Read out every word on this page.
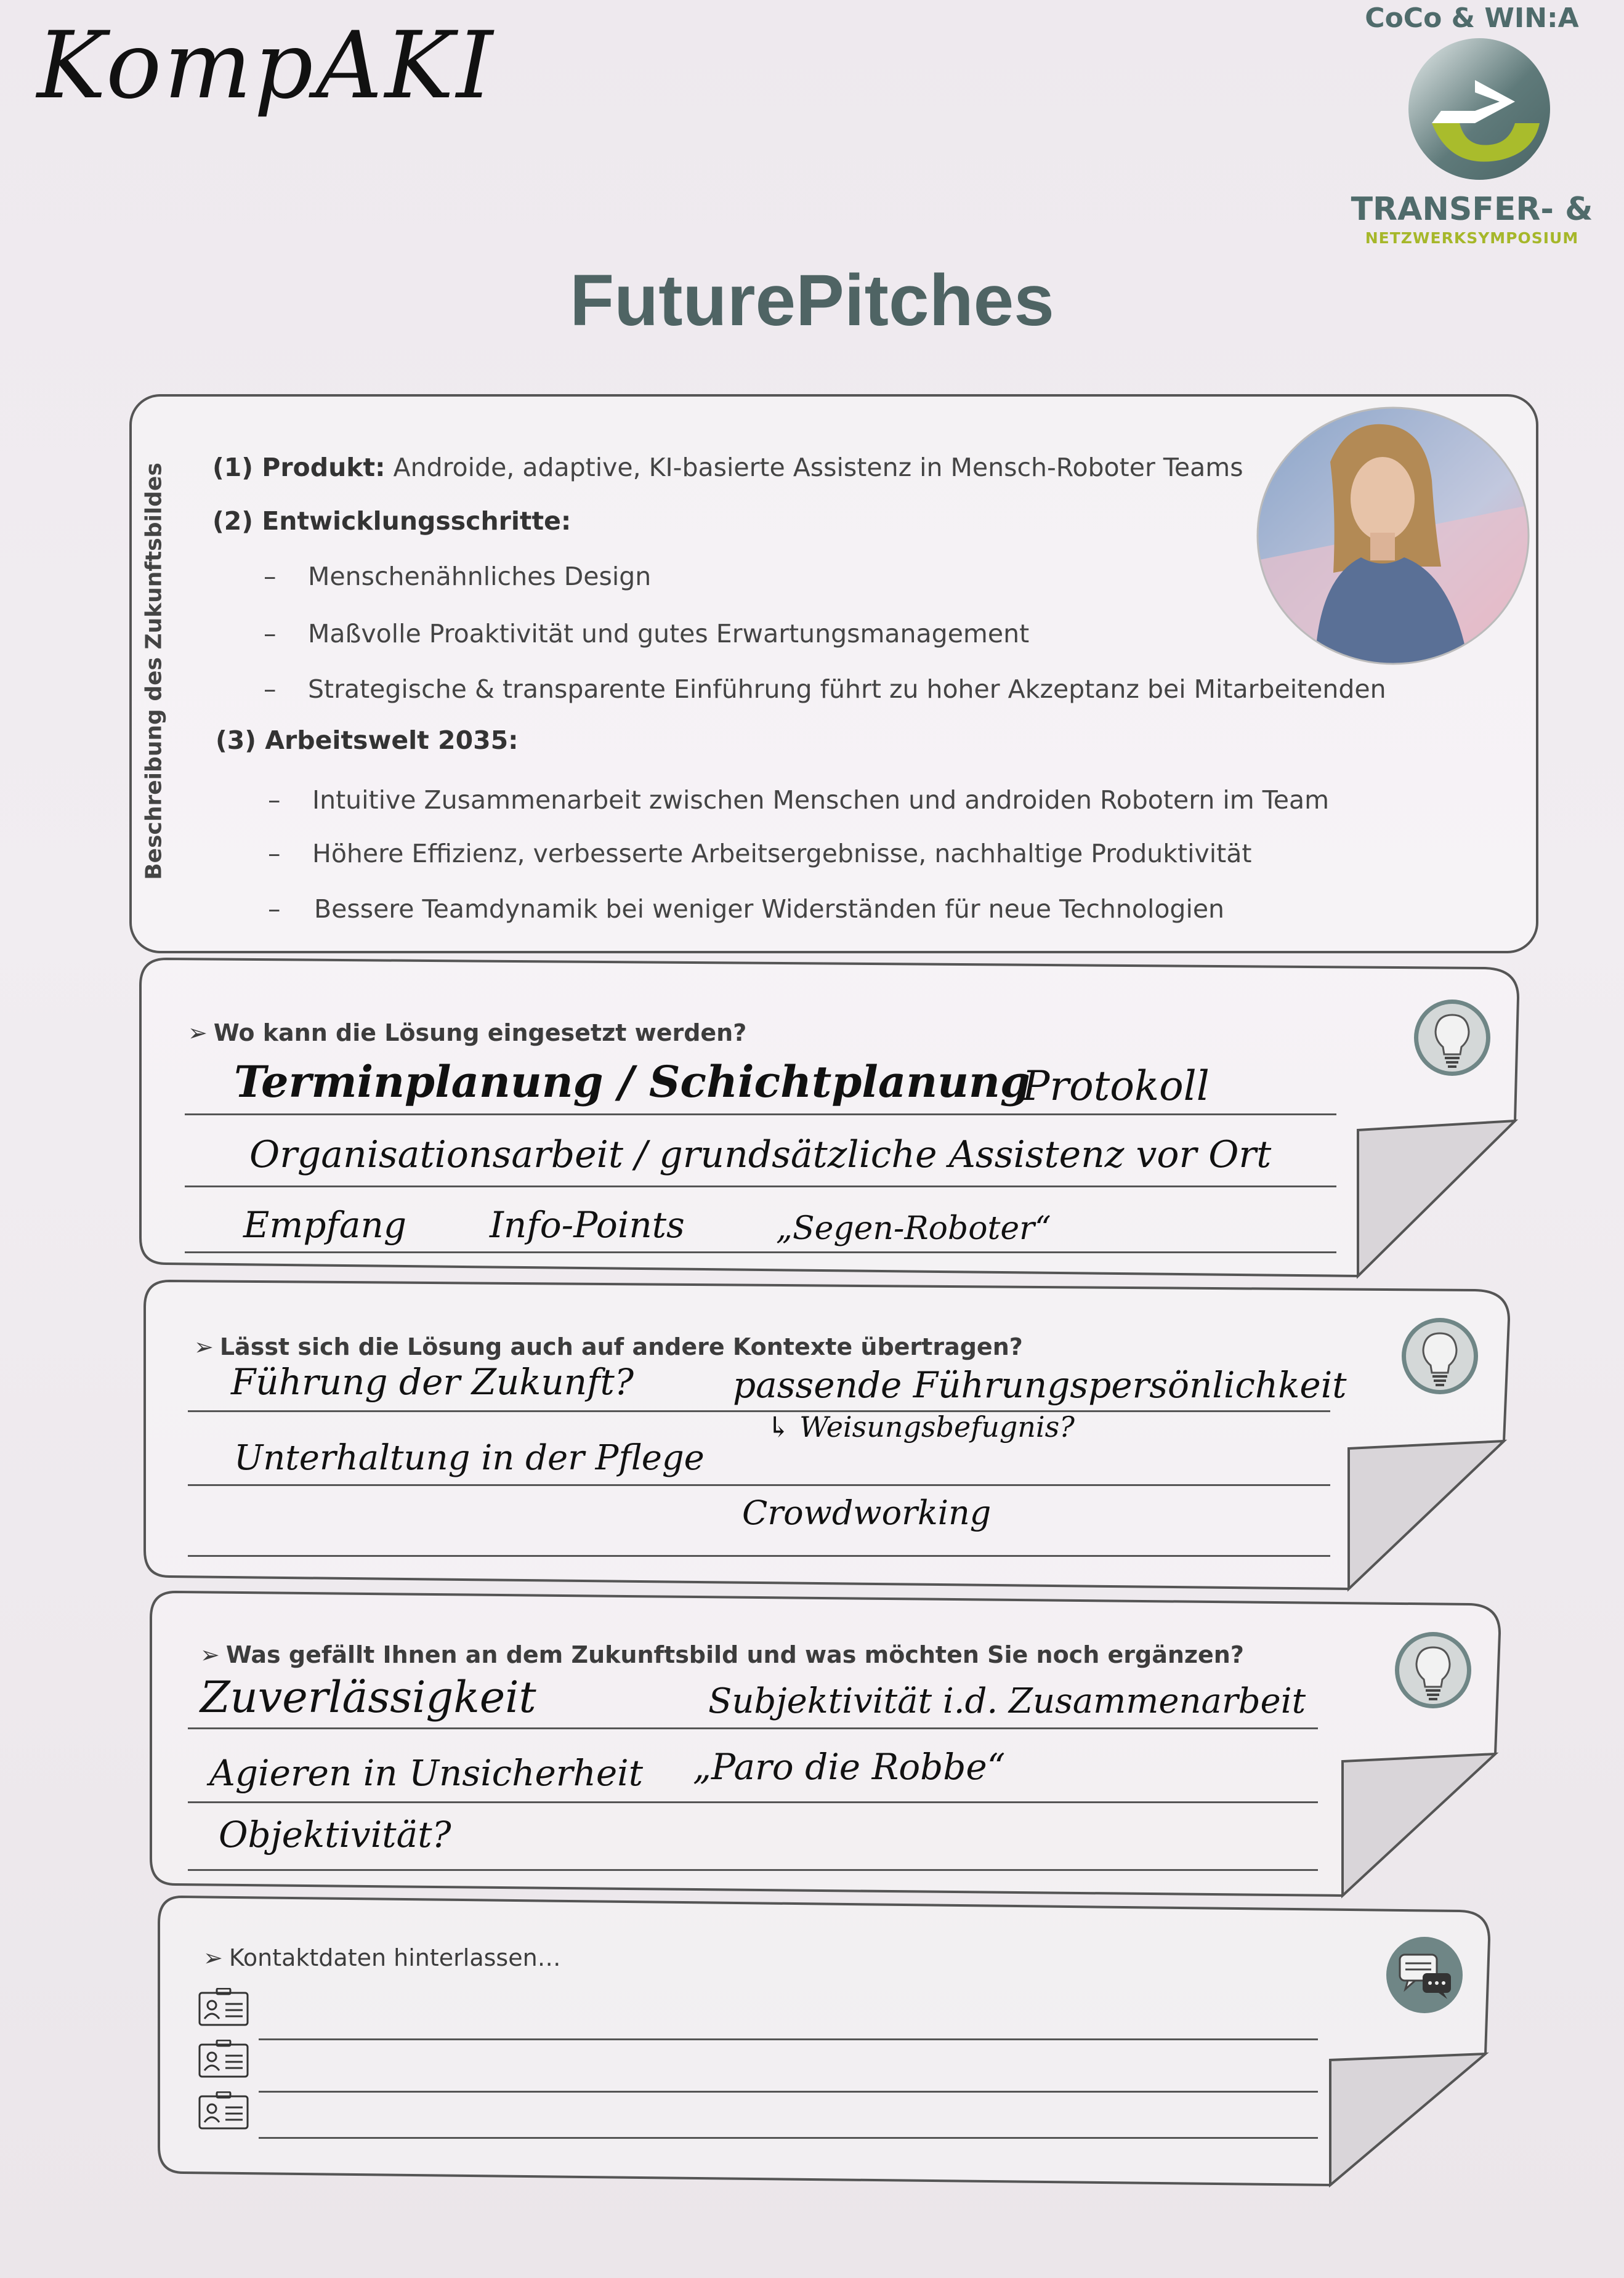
KompAKI	CoCo & WIN:A
TRANSFER- &
NETZWERKSYMPOSIUM
FuturePitches
Beschreibung des Zukunftsbildes (1) Produkt: Androide, adaptive, KI-basierte Assistenz in Mensch-Roboter Teams
(2) Entwicklungsschritte:
– Menschenähnliches Design
– Maßvolle Proaktivität und gutes Erwartungsmanagement
– Strategische & transparente Einführung führt zu hoher Akzeptanz bei Mitarbeitenden
(3) Arbeitswelt 2035:
– Intuitive Zusammenarbeit zwischen Menschen und androiden Robotern im Team
– Höhere Effizienz, verbesserte Arbeitsergebnisse, nachhaltige Produktivität
– Bessere Teamdynamik bei weniger Widerständen für neue Technologien
➢ Wo kann die Lösung eingesetzt werden?
Terminplanung / Schichtplanung
Protokoll
Organisationsarbeit / grundsätzliche Assistenz vor Ort
Empfang Info-Points	„Segen-Roboter“
➢ Lässt sich die Lösung auch auf andere Kontexte übertragen?
Führung der Zukunft?	passende Führungspersönlichkeit
↳ Weisungsbefugnis?
Unterhaltung in der Pflege
Crowdworking
➢ Was gefällt Ihnen an dem Zukunftsbild und was möchten Sie noch ergänzen?
Zuverlässigkeit	Subjektivität i.d. Zusammenarbeit
Agieren in Unsicherheit „Paro die Robbe“
Objektivität?
➢ Kontaktdaten hinterlassen…
